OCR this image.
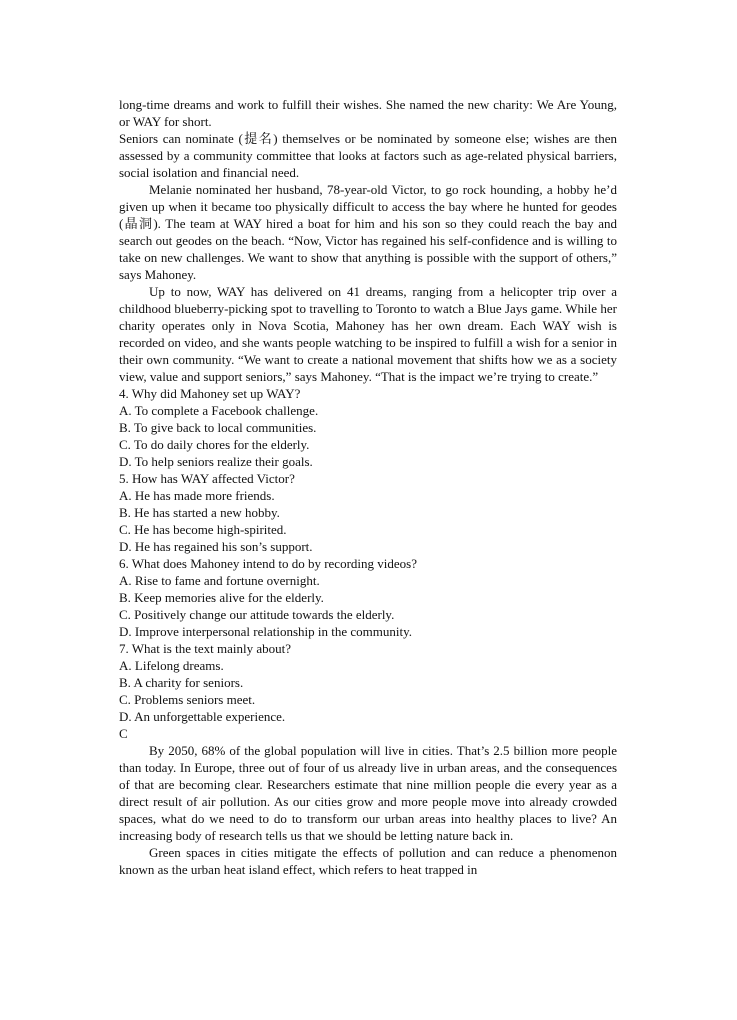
long-time dreams and work to fulfill their wishes. She named the new charity: We Are Young, or WAY for short.

Seniors can nominate (提名) themselves or be nominated by someone else; wishes are then assessed by a community committee that looks at factors such as age-related physical barriers, social isolation and financial need.

Melanie nominated her husband, 78-year-old Victor, to go rock hounding, a hobby he’d given up when it became too physically difficult to access the bay where he hunted for geodes (晶洞). The team at WAY hired a boat for him and his son so they could reach the bay and search out geodes on the beach. “Now, Victor has regained his self-confidence and is willing to take on new challenges. We want to show that anything is possible with the support of others,” says Mahoney.

Up to now, WAY has delivered on 41 dreams, ranging from a helicopter trip over a childhood blueberry-picking spot to travelling to Toronto to watch a Blue Jays game. While her charity operates only in Nova Scotia, Mahoney has her own dream. Each WAY wish is recorded on video, and she wants people watching to be inspired to fulfill a wish for a senior in their own community. “We want to create a national movement that shifts how we as a society view, value and support seniors,” says Mahoney. “That is the impact we’re trying to create.”

4. Why did Mahoney set up WAY?

A. To complete a Facebook challenge.

B. To give back to local communities.

C. To do daily chores for the elderly.

D. To help seniors realize their goals.

5. How has WAY affected Victor?

A. He has made more friends.

B. He has started a new hobby.

C. He has become high-spirited.

D. He has regained his son’s support.

6. What does Mahoney intend to do by recording videos?

A. Rise to fame and fortune overnight.

B. Keep memories alive for the elderly.

C. Positively change our attitude towards the elderly.

D. Improve interpersonal relationship in the community.

7. What is the text mainly about?

A. Lifelong dreams.

B. A charity for seniors.

C. Problems seniors meet.

D. An unforgettable experience.

C

By 2050, 68% of the global population will live in cities. That’s 2.5 billion more people than today. In Europe, three out of four of us already live in urban areas, and the consequences of that are becoming clear. Researchers estimate that nine million people die every year as a direct result of air pollution. As our cities grow and more people move into already crowded spaces, what do we need to do to transform our urban areas into healthy places to live? An increasing body of research tells us that we should be letting nature back in.

Green spaces in cities mitigate the effects of pollution and can reduce a phenomenon known as the urban heat island effect, which refers to heat trapped in
